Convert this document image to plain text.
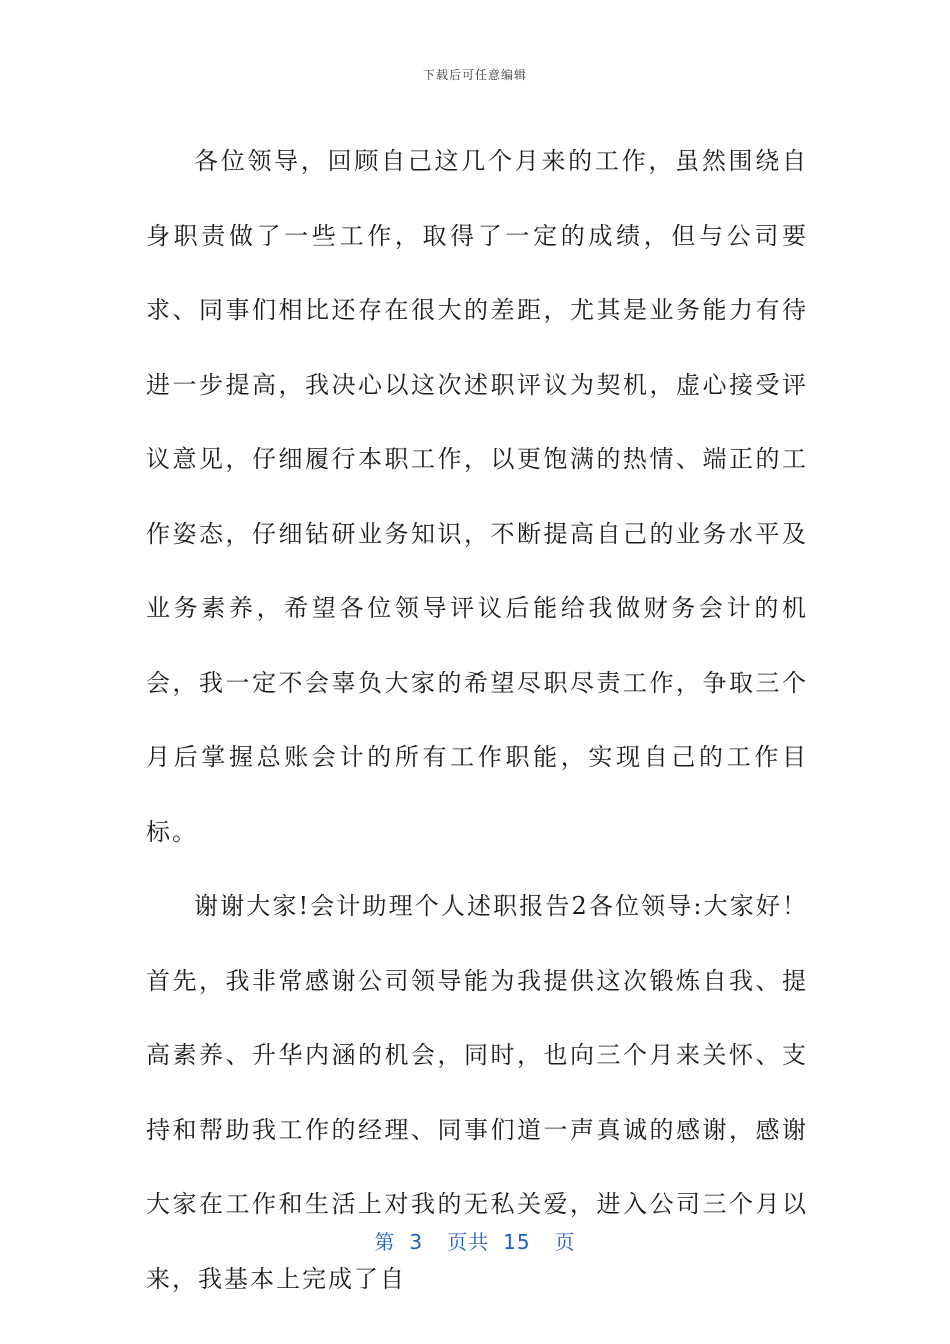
下载后可任意编辑

各位领导，回顾自己这几个月来的工作，虽然围绕自身职责做了一些工作，取得了一定的成绩，但与公司要求、同事们相比还存在很大的差距，尤其是业务能力有待进一步提高，我决心以这次述职评议为契机，虚心接受评议意见，仔细履行本职工作，以更饱满的热情、端正的工作姿态，仔细钻研业务知识，不断提高自己的业务水平及业务素养，希望各位领导评议后能给我做财务会计的机会，我一定不会辜负大家的希望尽职尽责工作，争取三个月后掌握总账会计的所有工作职能，实现自己的工作目标。

谢谢大家!会计助理个人述职报告2各位领导:大家好！首先，我非常感谢公司领导能为我提供这次锻炼自我、提高素养、升华内涵的机会，同时，也向三个月来关怀、支持和帮助我工作的经理、同事们道一声真诚的感谢，感谢大家在工作和生活上对我的无私关爱，进入公司三个月以来，我基本上完成了自

第 3 页共 15 页
